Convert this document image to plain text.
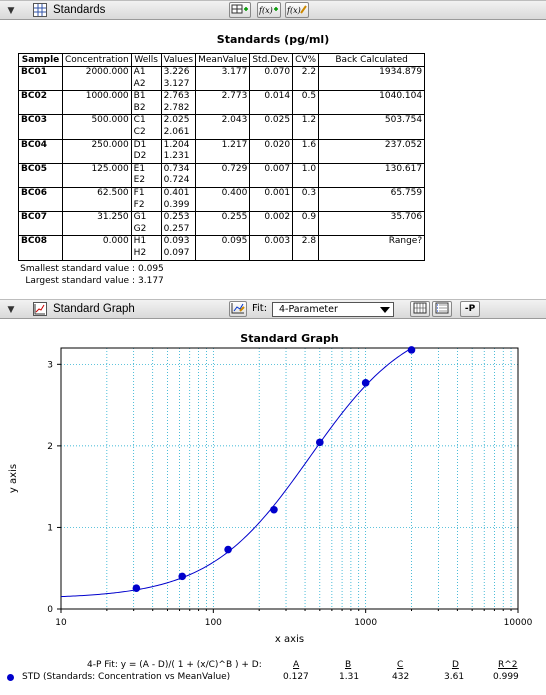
▼	Standards	f(x) f(x)
Standards (pg/ml)
Sample	Concentration	Wells	Values	MeanValue	Std.Dev.	CV%	Back Calculated
BC01	2000.000	A1	3.226	3.177	0.070	2.2	1934.879
		A2	3.127				
BC02	1000.000	B1	2.763	2.773	0.014	0.5	1040.104
		B2	2.782				
BC03	500.000	C1	2.025	2.043	0.025	1.2	503.754
		C2	2.061				
BC04	250.000	D1	1.204	1.217	0.020	1.6	237.052
		D2	1.231				
BC05	125.000	E1	0.734	0.729	0.007	1.0	130.617
		E2	0.724				
BC06	62.500	F1	0.401	0.400	0.001	0.3	65.759
		F2	0.399				
BC07	31.250	G1	0.253	0.255	0.002	0.9	35.706
		G2	0.257				
BC08	0.000	H1	0.093	0.095	0.003	2.8	Range?
		H2	0.097				
Smallest standard value : 0.095
Largest standard value : 3.177
▼	Standard Graph	Fit:	4-Parameter	-P
Standard Graph
10	100	1000	10000
0
1
2
3
x axis
y axis
4-P Fit: y = (A - D)/( 1 + (x/C)^B ) + D:	A	B	C	D	R^2
STD (Standards: Concentration vs MeanValue)	0.127	1.31	432	3.61	0.999
